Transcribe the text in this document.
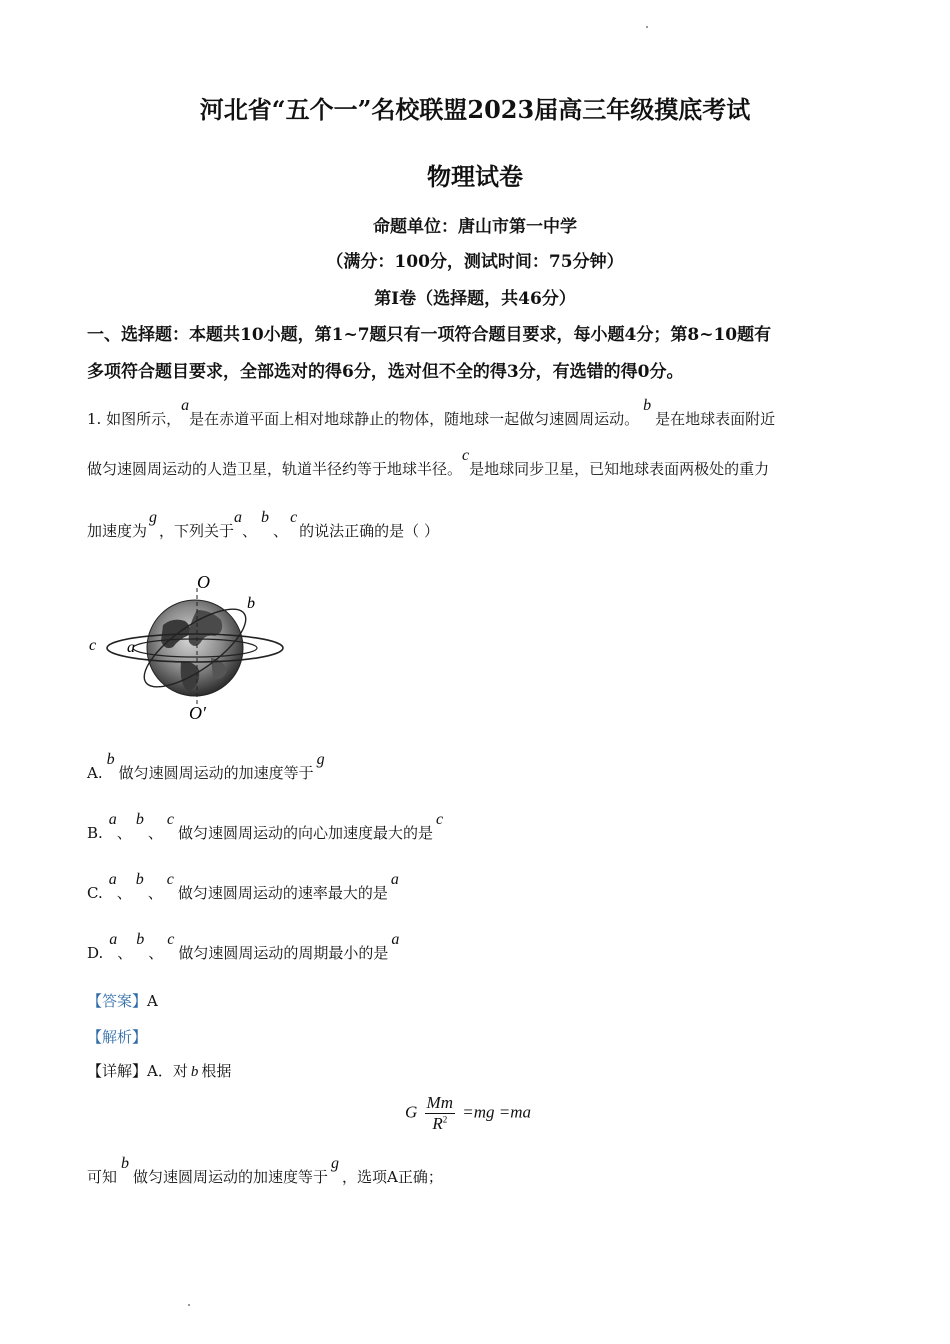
河北省“五个一”名校联盟2023届高三年级摸底考试
物理试卷
命题单位：唐山市第一中学
（满分：100分，测试时间：75分钟）
第Ⅰ卷（选择题，共46分）
一、选择题：本题共10小题，第1~7题只有一项符合题目要求，每小题4分；第8~10题有
多项符合题目要求，全部选对的得6分，选对但不全的得3分，有选错的得0分。
1. 如图所示，a是在赤道平面上相对地球静止的物体，随地球一起做匀速圆周运动。b是在地球表面附近
做匀速圆周运动的人造卫星，轨道半径约等于地球半径。c是地球同步卫星，已知地球表面两极处的重力
加速度为g，下列关于a、b、c的说法正确的是（ ）
O
O′
b
c a
A.b做匀速圆周运动的加速度等于g
B.a、b、c做匀速圆周运动的向心加速度最大的是c
C.a、b、c做匀速圆周运动的速率最大的是a
D.a、b、c做匀速圆周运动的周期最小的是a
【答案】A
【解析】
【详解】A．对 b 根据
G $\frac{Mm}{R^2} =mg =ma$
可知b做匀速圆周运动的加速度等于g，选项A正确；
